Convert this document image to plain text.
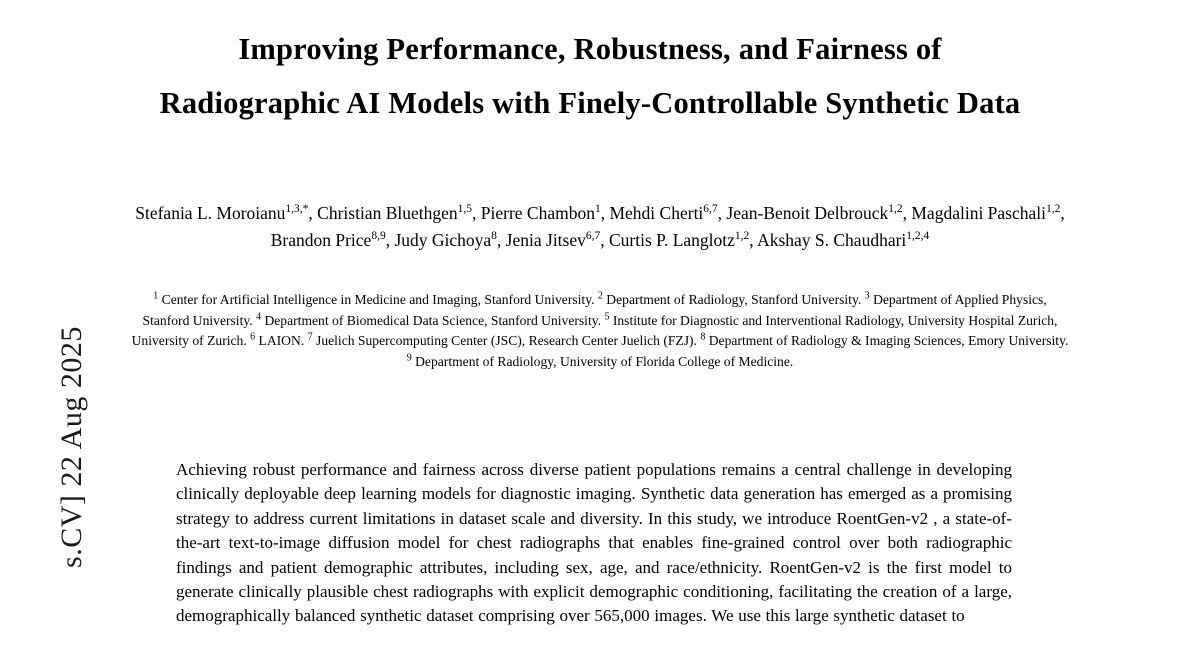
s.CV] 22 Aug 2025
Improving Performance, Robustness, and Fairness of Radiographic AI Models with Finely-Controllable Synthetic Data
Stefania L. Moroianu$^{1,3,*}$, Christian Bluethgen$^{1,5}$, Pierre Chambon$^1$, Mehdi Cherti$^{6,7}$, Jean-Benoit Delbrouck$^{1,2}$, Magdalini Paschali$^{1,2}$, Brandon Price$^{8,9}$, Judy Gichoya$^8$, Jenia Jitsev$^{6,7}$, Curtis P. Langlotz$^{1,2}$, Akshay S. Chaudhari$^{1,2,4}$
$^1$ Center for Artificial Intelligence in Medicine and Imaging, Stanford University. $^2$ Department of Radiology, Stanford University. $^3$ Department of Applied Physics, Stanford University. $^4$ Department of Biomedical Data Science, Stanford University. $^5$ Institute for Diagnostic and Interventional Radiology, University Hospital Zurich, University of Zurich. $^6$ LAION. $^7$ Juelich Supercomputing Center (JSC), Research Center Juelich (FZJ). $^8$ Department of Radiology & Imaging Sciences, Emory University. $^9$ Department of Radiology, University of Florida College of Medicine.
Achieving robust performance and fairness across diverse patient populations remains a central challenge in developing clinically deployable deep learning models for diagnostic imaging. Synthetic data generation has emerged as a promising strategy to address current limitations in dataset scale and diversity. In this study, we introduce RoentGen-v2 , a state-of-the-art text-to-image diffusion model for chest radiographs that enables fine-grained control over both radiographic findings and patient demographic attributes, including sex, age, and race/ethnicity. RoentGen-v2 is the first model to generate clinically plausible chest radiographs with explicit demographic conditioning, facilitating the creation of a large, demographically balanced synthetic dataset comprising over 565,000 images. We use this large synthetic dataset to
